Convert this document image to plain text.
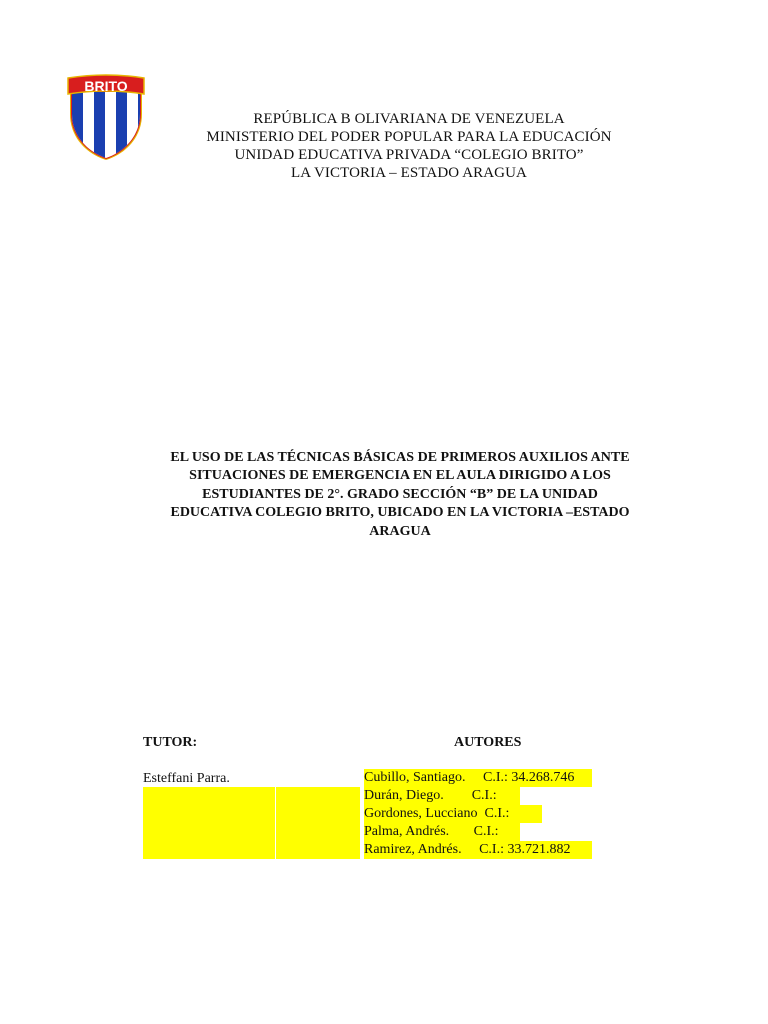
BRITO
REPÚBLICA B OLIVARIANA DE VENEZUELA
MINISTERIO DEL PODER POPULAR PARA LA EDUCACIÓN
UNIDAD EDUCATIVA PRIVADA “COLEGIO BRITO”
LA VICTORIA – ESTADO ARAGUA
EL USO DE LAS TÉCNICAS BÁSICAS DE PRIMEROS AUXILIOS ANTE
SITUACIONES DE EMERGENCIA EN EL AULA DIRIGIDO A LOS
ESTUDIANTES DE 2°. GRADO SECCIÓN “B” DE LA UNIDAD
EDUCATIVA COLEGIO BRITO, UBICADO EN LA VICTORIA –ESTADO
ARAGUA
TUTOR:	AUTORES
Esteffani Parra.	Cubillo, Santiago. C.I.: 34.268.746
Durán, Diego. C.I.:
Gordones, Lucciano C.I.:
Palma, Andrés. C.I.:
Ramirez, Andrés. C.I.: 33.721.882
